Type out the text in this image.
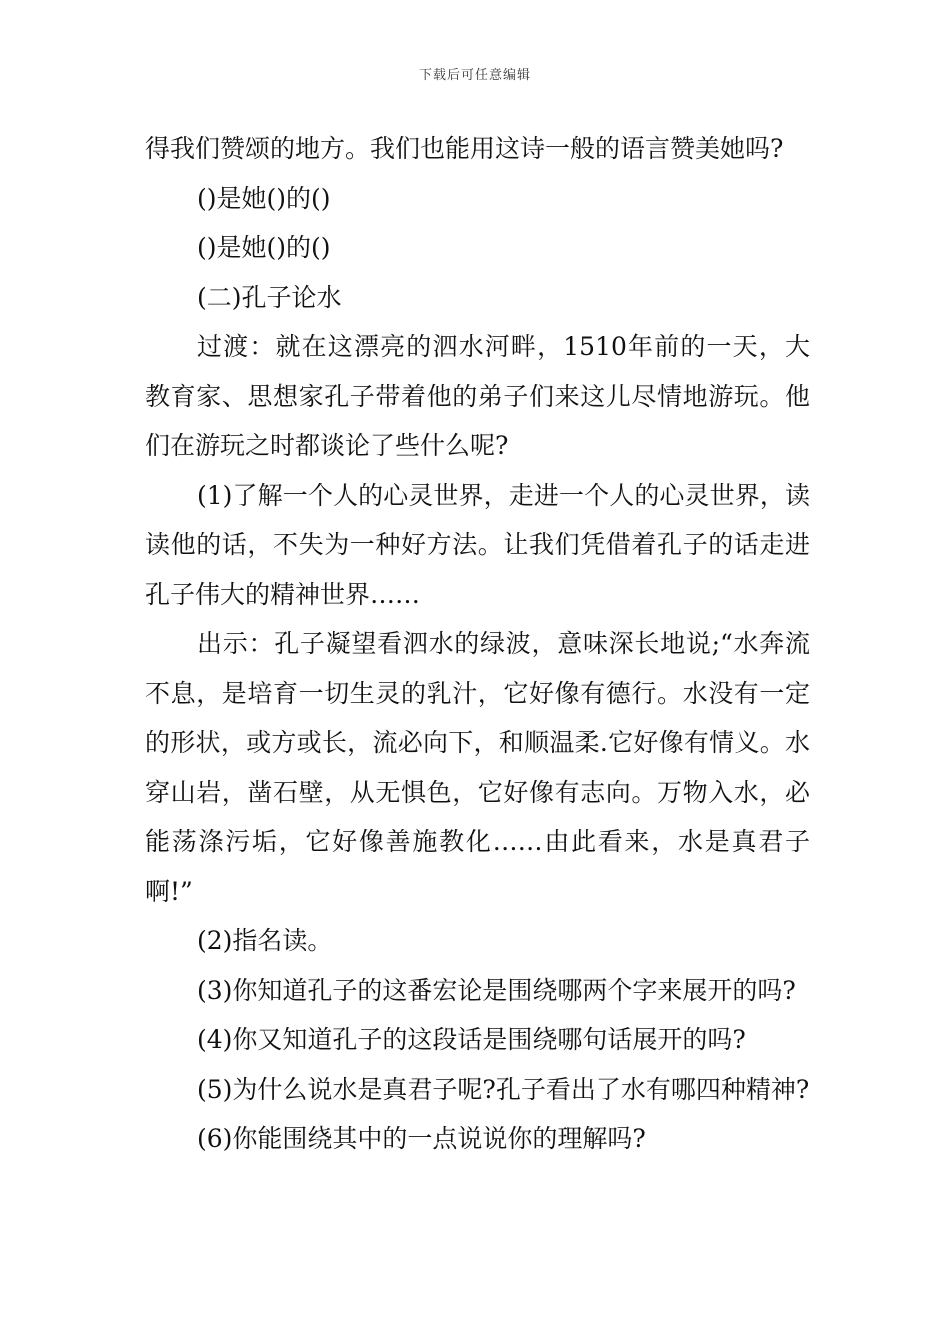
下载后可任意编辑

得我们赞颂的地方。我们也能用这诗一般的语言赞美她吗?

()是她()的()

()是她()的()

(二)孔子论水

过渡：就在这漂亮的泗水河畔，1510年前的一天，大教育家、思想家孔子带着他的弟子们来这儿尽情地游玩。他们在游玩之时都谈论了些什么呢?

(1)了解一个人的心灵世界，走进一个人的心灵世界，读读他的话，不失为一种好方法。让我们凭借着孔子的话走进孔子伟大的精神世界……

出示：孔子凝望看泗水的绿波，意味深长地说;“水奔流不息，是培育一切生灵的乳汁，它好像有德行。水没有一定的形状，或方或长，流必向下，和顺温柔.它好像有情义。水穿山岩，凿石壁，从无惧色，它好像有志向。万物入水，必能荡涤污垢，它好像善施教化……由此看来，水是真君子啊!”

(2)指名读。

(3)你知道孔子的这番宏论是围绕哪两个字来展开的吗?

(4)你又知道孔子的这段话是围绕哪句话展开的吗?

(5)为什么说水是真君子呢?孔子看出了水有哪四种精神?

(6)你能围绕其中的一点说说你的理解吗?
